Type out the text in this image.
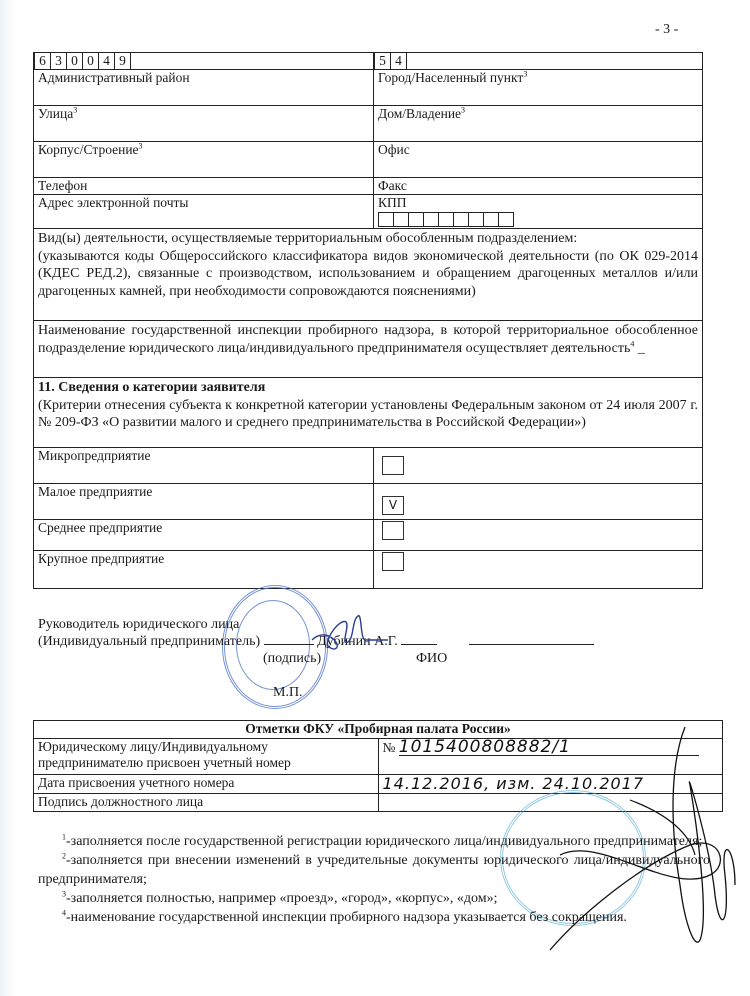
- 3 -
6 3 0 0 4 9	5 4

Административный район	Город/Населенный пункт$^3$
Улица$^3$	Дом/Владение$^3$
Корпус/Строение$^3$	Офис
Телефон	Факс
Адрес электронной почты	КПП

Вид(ы) деятельности, осуществляемые территориальным обособленным подразделением:
(указываются коды Общероссийского классификатора видов экономической деятельности (по ОК 029-2014 (КДЕС РЕД.2), связанные с производством, использованием и обращением драгоценных металлов и/или драгоценных камней, при необходимости сопровождаются пояснениями)	

Наименование государственной инспекции пробирного надзора, в которой территориальное обособленное подразделение юридического лица/индивидуального предпринимателя осуществляет деятельность$^4$ _	

11. Сведения о категории заявителя
(Критерии отнесения субъекта к конкретной категории установлены Федеральным законом от 24 июля 2007 г. № 209-ФЗ «О развитии малого и среднего предпринимательства в Российской Федерации»)	

Микропредприятие	
Малое предприятие	V
Среднее предприятие	
Крупное предприятие	
Руководитель юридического лица
(Индивидуальный предприниматель)	Дубинин А.Г.
(подпись)	ФИО
М.П.
Отметки ФКУ «Пробирная палата России»	
Юридическому лицу/Индивидуальному предпринимателю присвоен учетный номер	№ 1015400808882/1
Дата присвоения учетного номера	14.12.2016, изм. 24.10.2017
Подпись должностного лица	

$^1$-заполняется после государственной регистрации юридического лица/индивидуального предпринимателя;

$^2$-заполняется при внесении изменений в учредительные документы юридического лица/индивидуального предпринимателя;

$^3$-заполняется полностью, например «проезд», «город», «корпус», «дом»;

$^4$-наименование государственной инспекции пробирного надзора указывается без сокращения.
